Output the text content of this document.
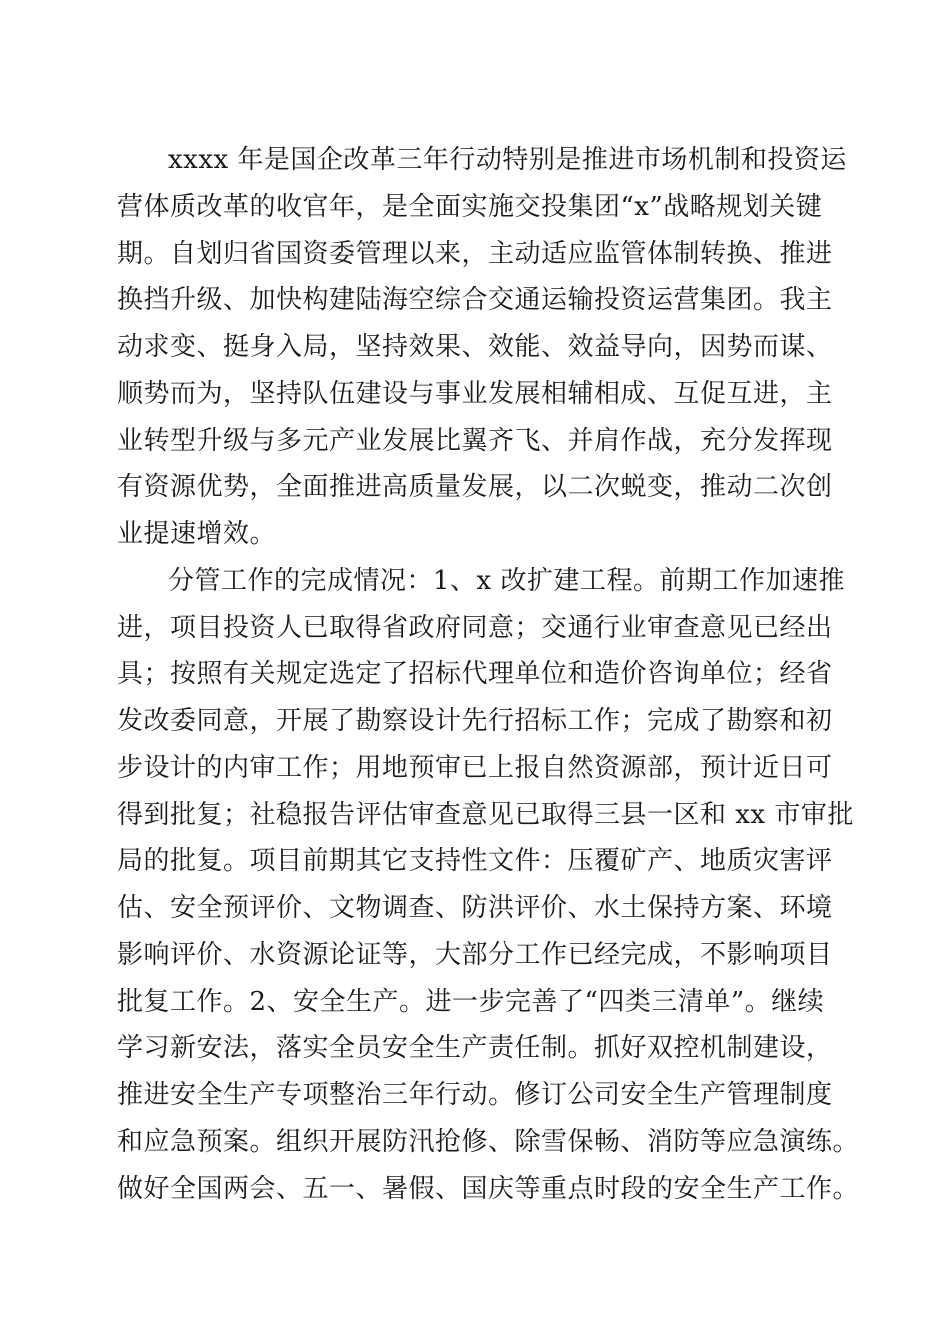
xxxx 年是国企改革三年行动特别是推进市场机制和投资运
营体质改革的收官年，是全面实施交投集团“x”战略规划关键
期。自划归省国资委管理以来，主动适应监管体制转换、推进
换挡升级、加快构建陆海空综合交通运输投资运营集团。我主
动求变、挺身入局，坚持效果、效能、效益导向，因势而谋、
顺势而为，坚持队伍建设与事业发展相辅相成、互促互进，主
业转型升级与多元产业发展比翼齐飞、并肩作战，充分发挥现
有资源优势，全面推进高质量发展，以二次蜕变，推动二次创
业提速增效。
分管工作的完成情况：1、x 改扩建工程。前期工作加速推
进，项目投资人已取得省政府同意；交通行业审查意见已经出
具；按照有关规定选定了招标代理单位和造价咨询单位；经省
发改委同意，开展了勘察设计先行招标工作；完成了勘察和初
步设计的内审工作；用地预审已上报自然资源部，预计近日可
得到批复；社稳报告评估审查意见已取得三县一区和 xx 市审批
局的批复。项目前期其它支持性文件：压覆矿产、地质灾害评
估、安全预评价、文物调查、防洪评价、水土保持方案、环境
影响评价、水资源论证等，大部分工作已经完成，不影响项目
批复工作。2、安全生产。进一步完善了“四类三清单”。继续
学习新安法，落实全员安全生产责任制。抓好双控机制建设，
推进安全生产专项整治三年行动。修订公司安全生产管理制度
和应急预案。组织开展防汛抢修、除雪保畅、消防等应急演练。
做好全国两会、五一、暑假、国庆等重点时段的安全生产工作。
